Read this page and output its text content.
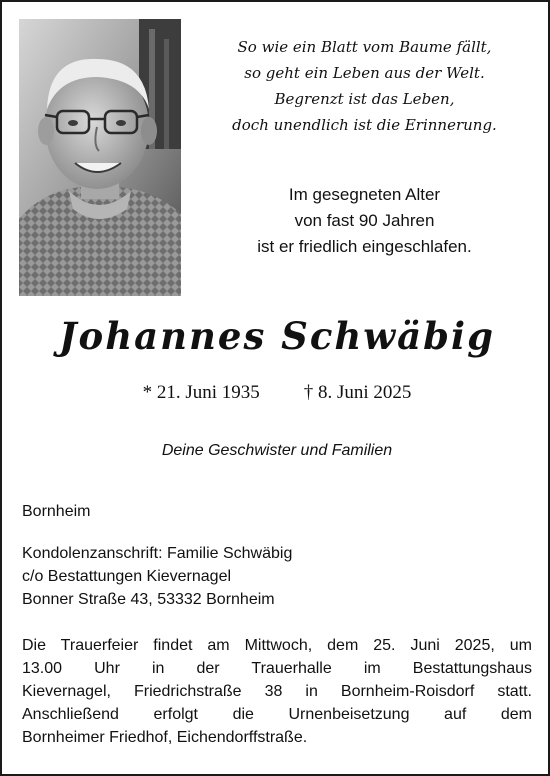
So wie ein Blatt vom Baume fällt,
so geht ein Leben aus der Welt.
Begrenzt ist das Leben,
doch unendlich ist die Erinnerung.
Im gesegneten Alter
von fast 90 Jahren
ist er friedlich eingeschlafen.
Johannes Schwäbig
* 21. Juni 1935 † 8. Juni 2025
Deine Geschwister und Familien
Bornheim
Kondolenzanschrift: Familie Schwäbig
c/o Bestattungen Kievernagel
Bonner Straße 43, 53332 Bornheim
Die Trauerfeier findet am Mittwoch, dem 25. Juni 2025, um
13.00 Uhr in der Trauerhalle im Bestattungshaus
Kievernagel, Friedrichstraße 38 in Bornheim-Roisdorf statt.
Anschließend erfolgt die Urnenbeisetzung auf dem
Bornheimer Friedhof, Eichendorffstraße.
